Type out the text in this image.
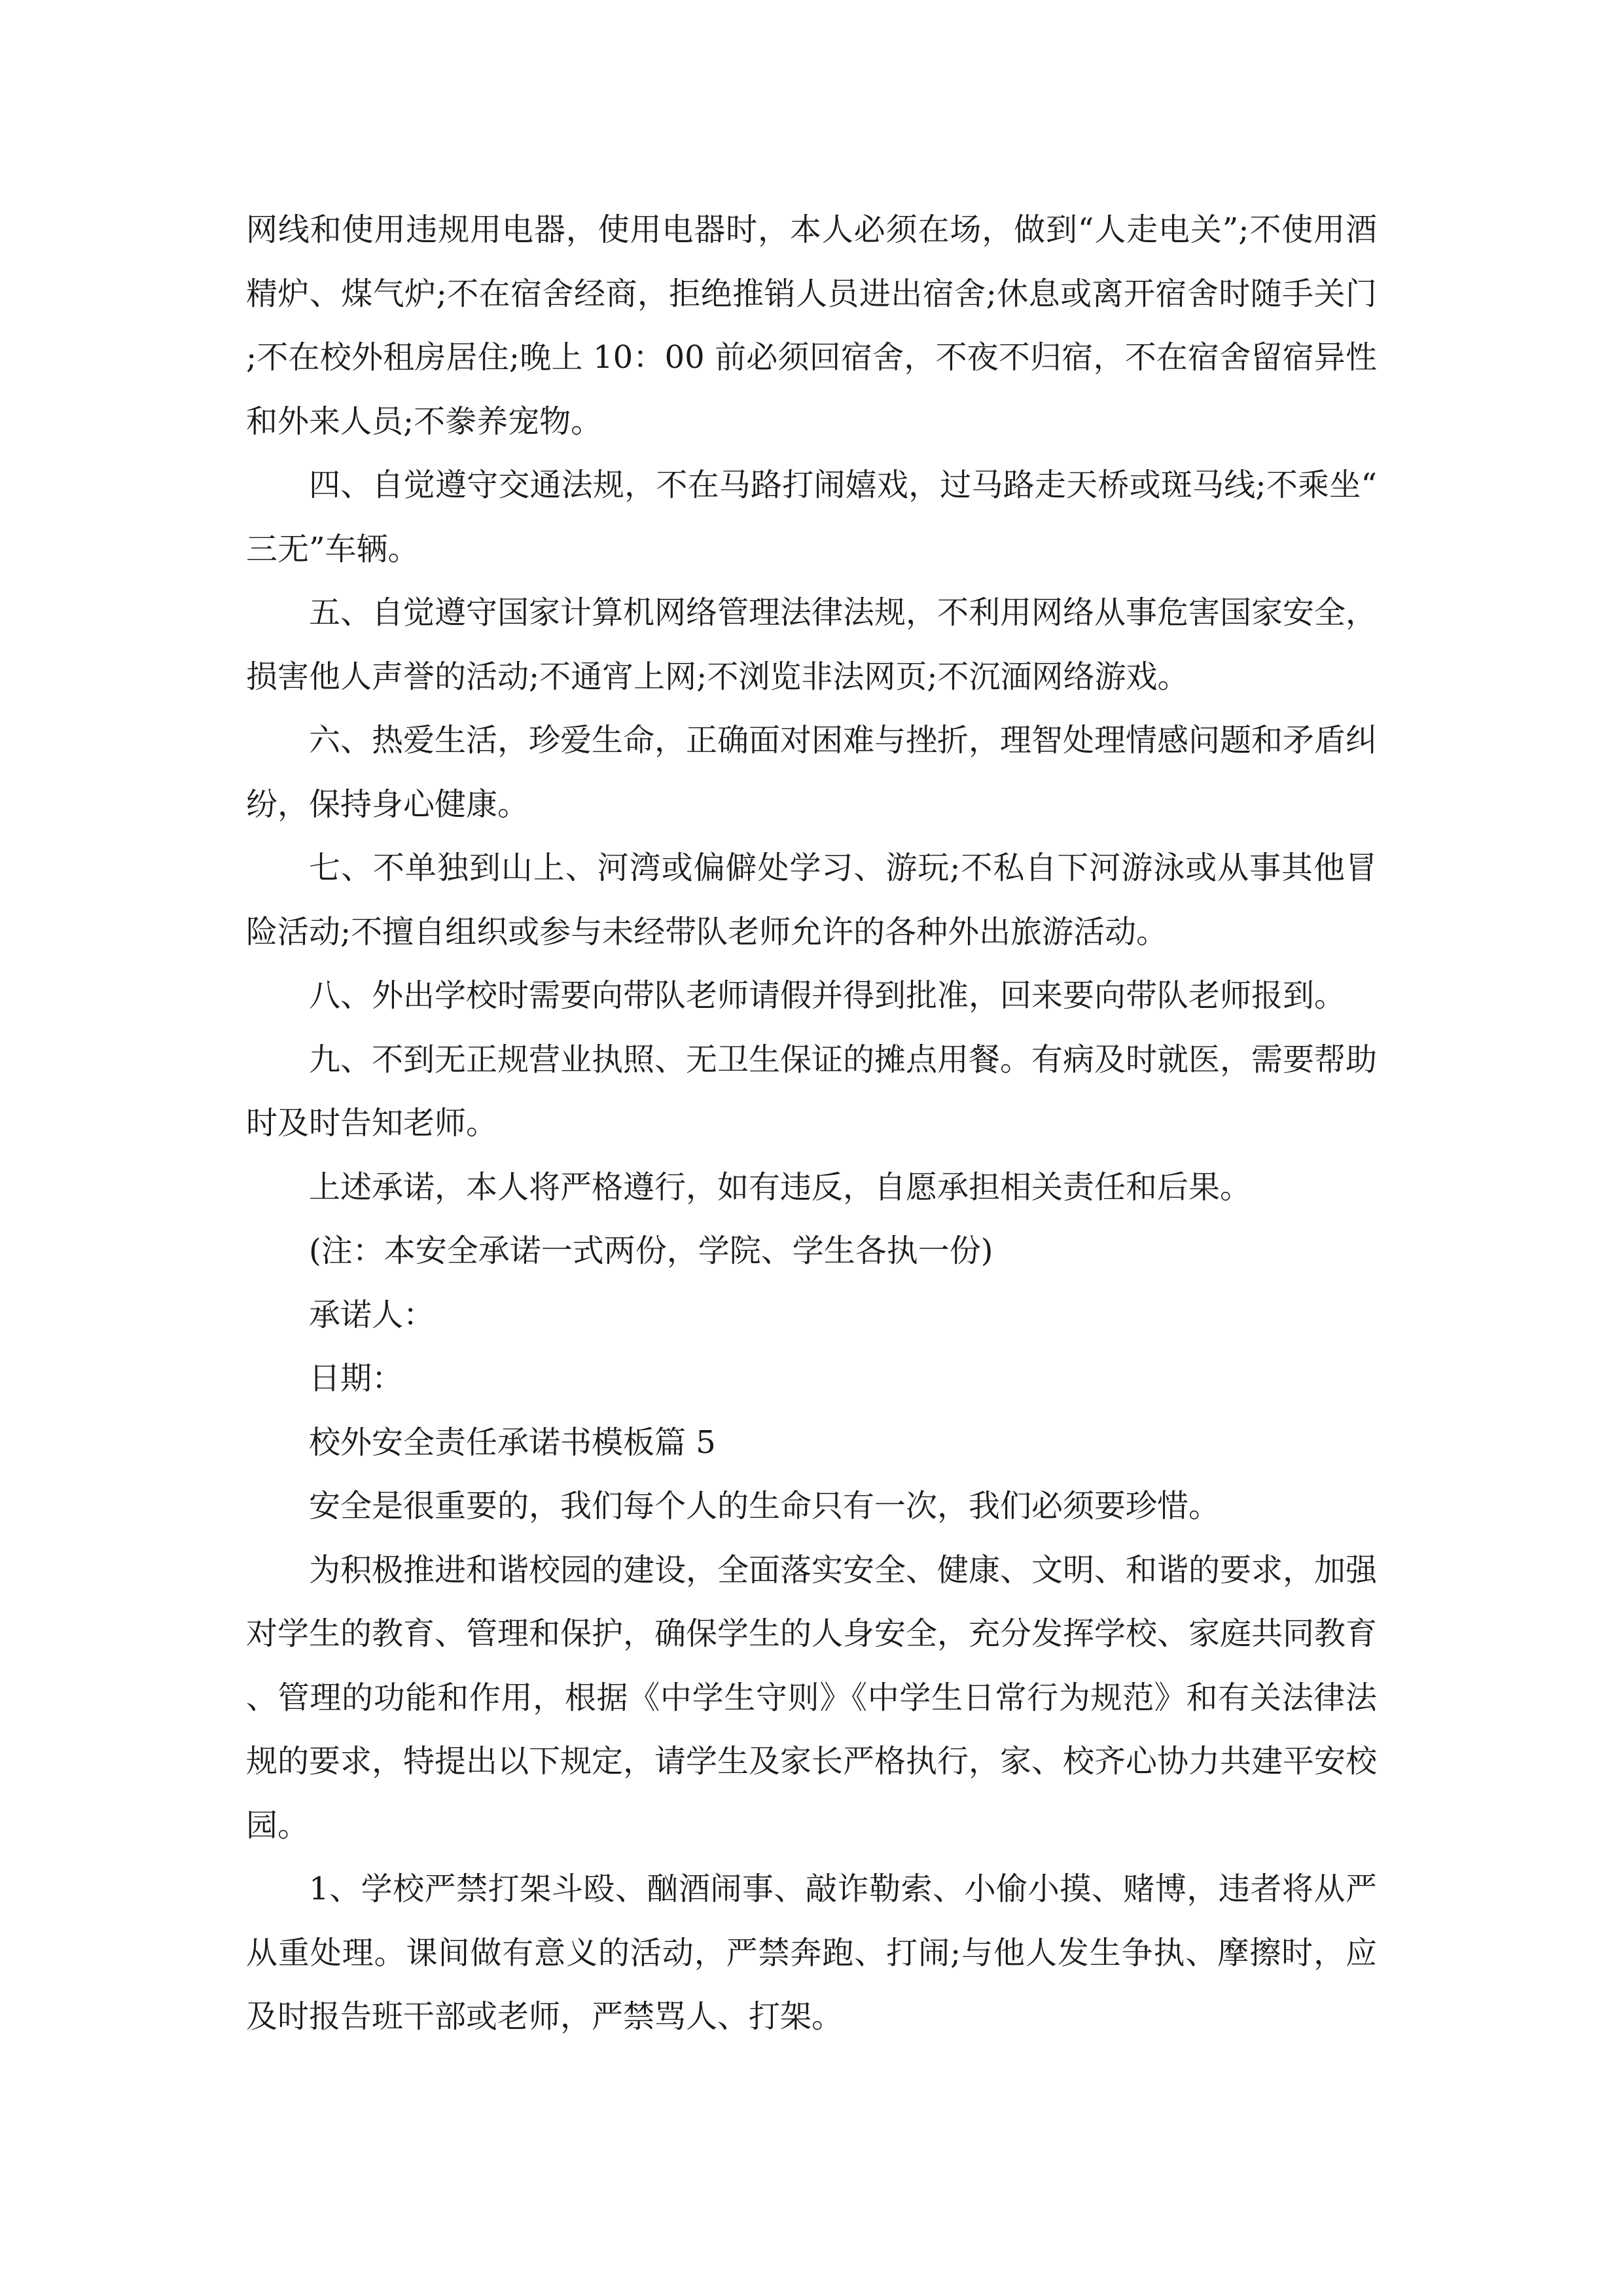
网线和使用违规用电器，使用电器时，本人必须在场，做到“人走电关”;不使用酒精炉、煤气炉;不在宿舍经商，拒绝推销人员进出宿舍;休息或离开宿舍时随手关门;不在校外租房居住;晚上 10：00 前必须回宿舍，不夜不归宿，不在宿舍留宿异性和外来人员;不豢养宠物。

四、自觉遵守交通法规，不在马路打闹嬉戏，过马路走天桥或斑马线;不乘坐“三无”车辆。

五、自觉遵守国家计算机网络管理法律法规，不利用网络从事危害国家安全，损害他人声誉的活动;不通宵上网;不浏览非法网页;不沉湎网络游戏。

六、热爱生活，珍爱生命，正确面对困难与挫折，理智处理情感问题和矛盾纠纷，保持身心健康。

七、不单独到山上、河湾或偏僻处学习、游玩;不私自下河游泳或从事其他冒险活动;不擅自组织或参与未经带队老师允许的各种外出旅游活动。

八、外出学校时需要向带队老师请假并得到批准，回来要向带队老师报到。

九、不到无正规营业执照、无卫生保证的摊点用餐。有病及时就医，需要帮助时及时告知老师。

上述承诺，本人将严格遵行，如有违反，自愿承担相关责任和后果。

(注：本安全承诺一式两份，学院、学生各执一份)

承诺人：

日期：

校外安全责任承诺书模板篇 5

安全是很重要的，我们每个人的生命只有一次，我们必须要珍惜。

为积极推进和谐校园的建设，全面落实安全、健康、文明、和谐的要求，加强对学生的教育、管理和保护，确保学生的人身安全，充分发挥学校、家庭共同教育、管理的功能和作用，根据《中学生守则》《中学生日常行为规范》和有关法律法规的要求，特提出以下规定，请学生及家长严格执行，家、校齐心协力共建平安校园。

1、学校严禁打架斗殴、酗酒闹事、敲诈勒索、小偷小摸、赌博，违者将从严从重处理。课间做有意义的活动，严禁奔跑、打闹;与他人发生争执、摩擦时，应及时报告班干部或老师，严禁骂人、打架。
